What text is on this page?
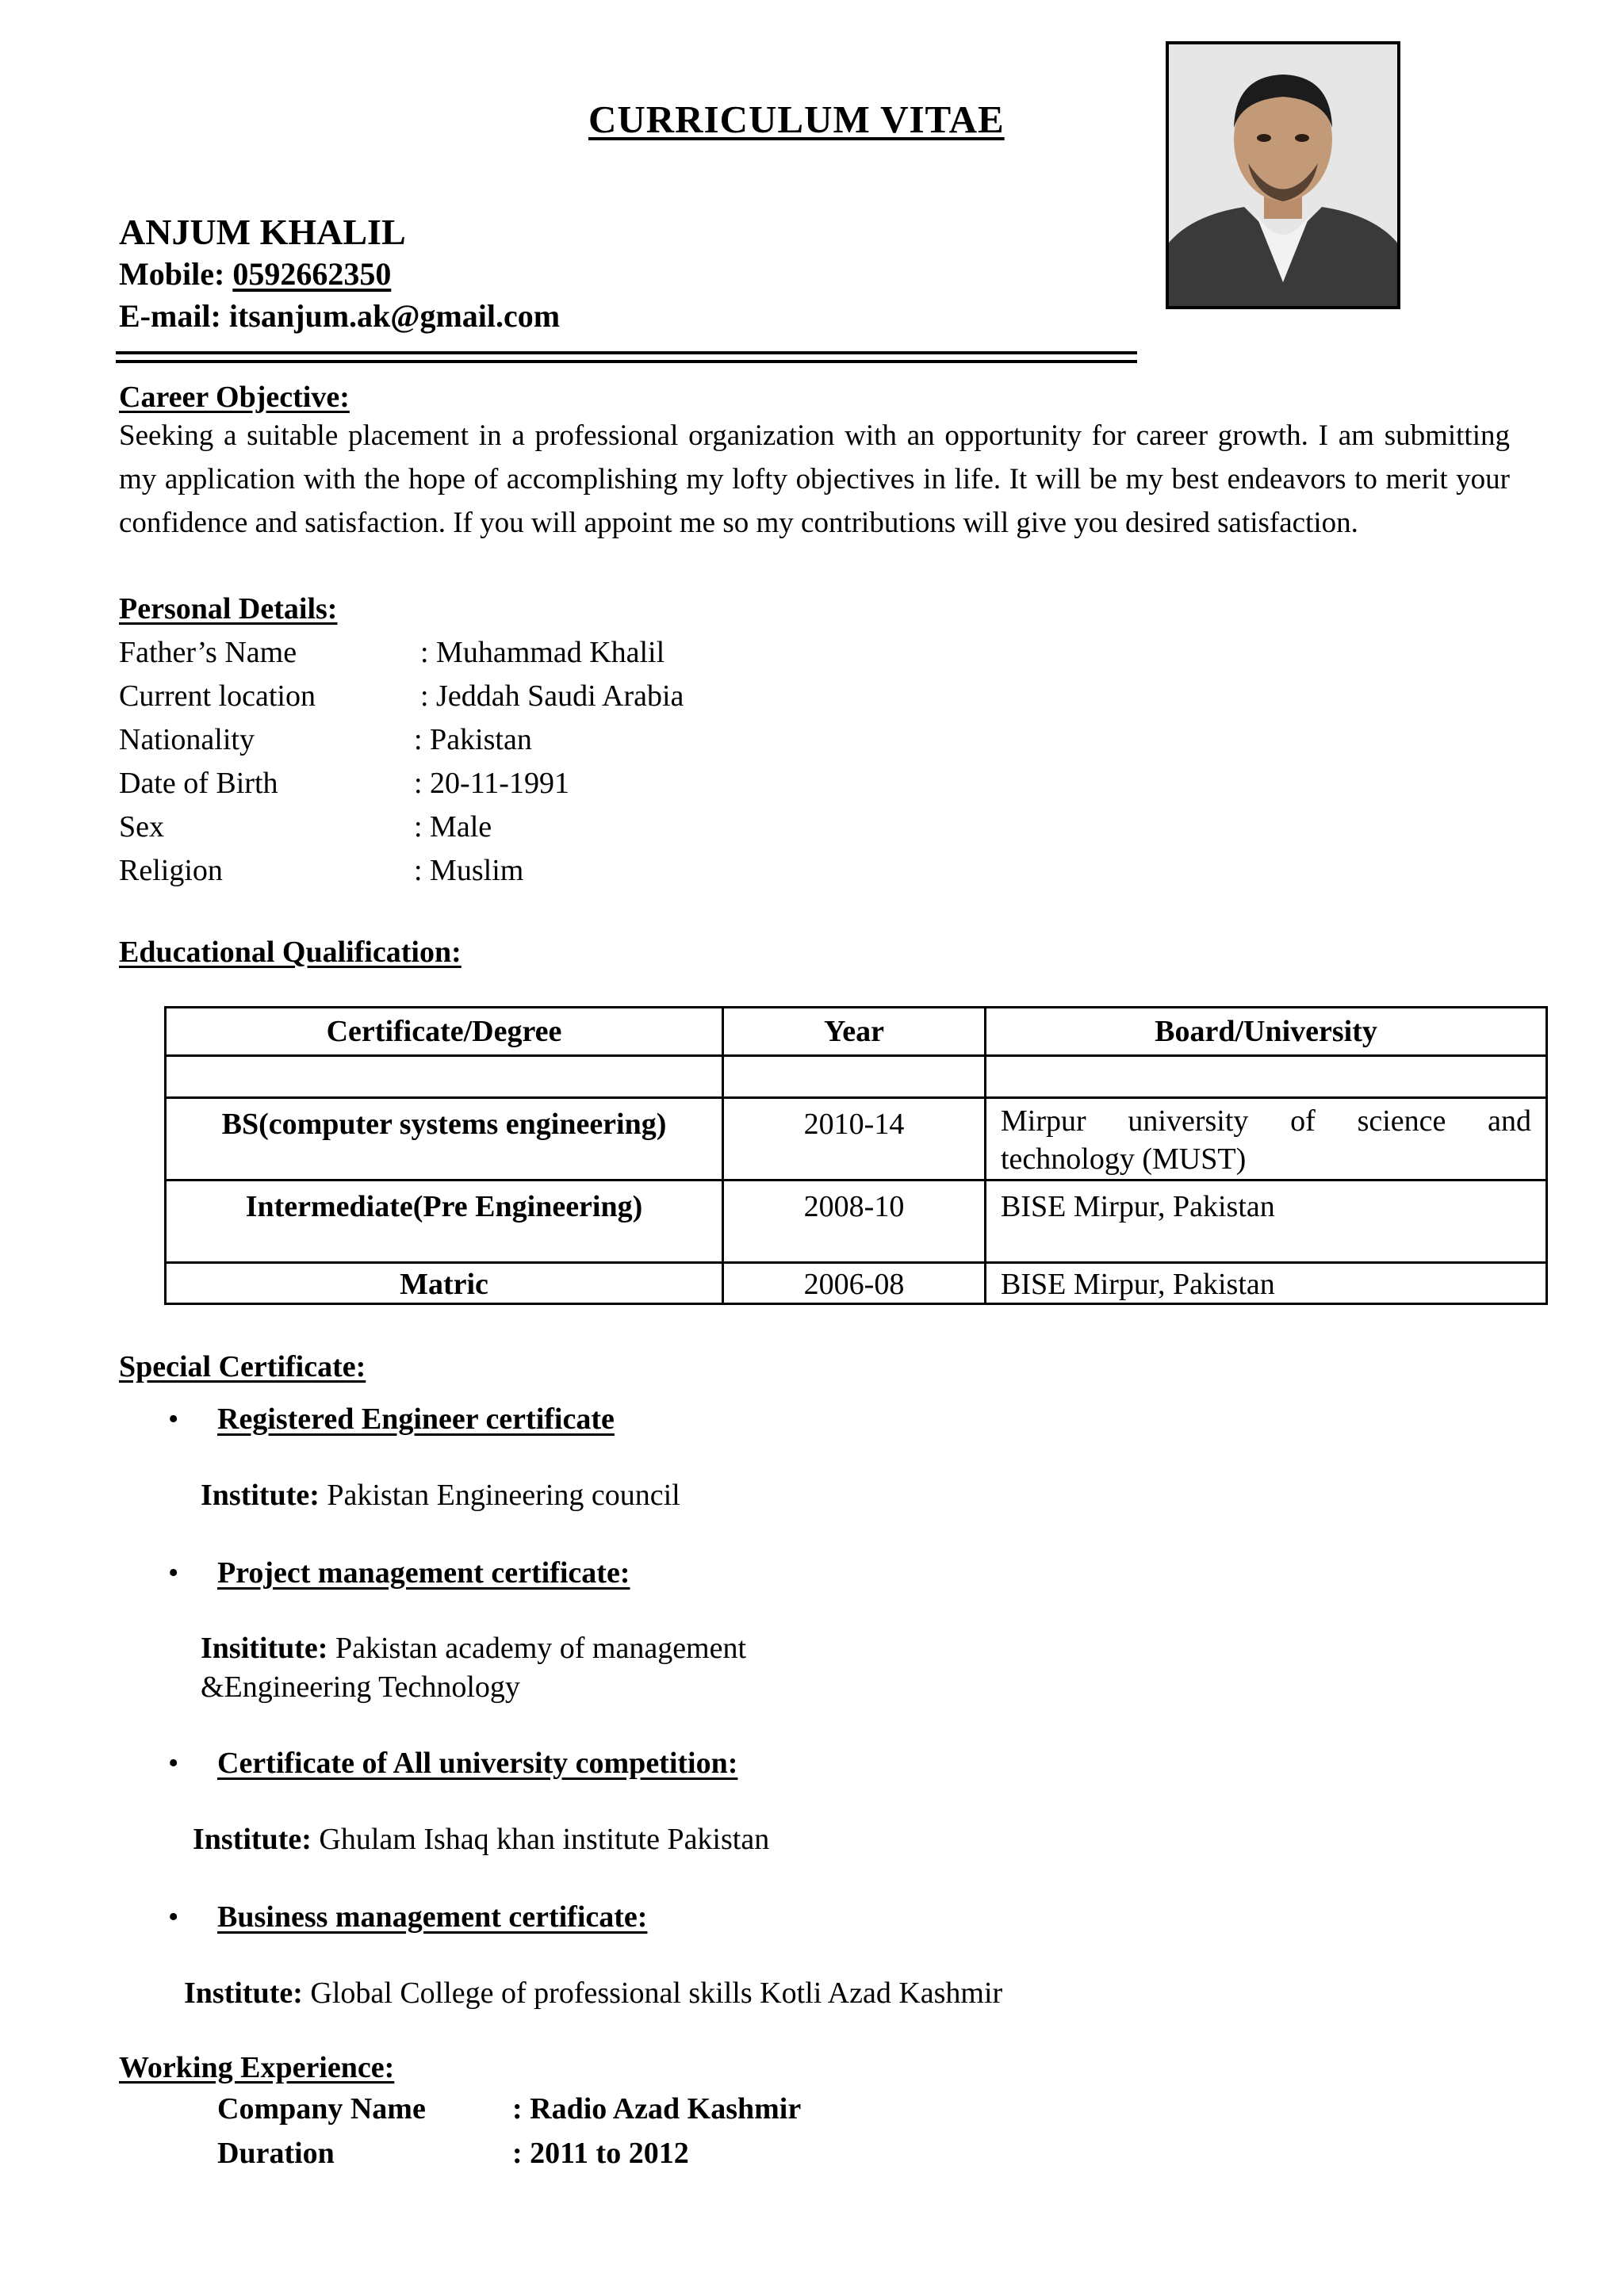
CURRICULUM VITAE
ANJUM KHALIL
Mobile: 0592662350
E-mail: itsanjum.ak@gmail.com
Career Objective:
Seeking a suitable placement in a professional organization with an opportunity for career growth. I am submitting my application with the hope of accomplishing my lofty objectives in life. It will be my best endeavors to merit your confidence and satisfaction. If you will appoint me so my contributions will give you desired satisfaction.
Personal Details:
Father’s Name	: Muhammad Khalil
Current location	: Jeddah Saudi Arabia
Nationality	: Pakistan
Date of Birth	: 20-11-1991
Sex	: Male
Religion	: Muslim
Educational Qualification:
Certificate/Degree	Year	Board/University

BS(computer systems engineering)	2010-14	Mirpur university of science and technology (MUST)
Intermediate(Pre Engineering)	2008-10	BISE Mirpur, Pakistan
Matric	2006-08	BISE Mirpur, Pakistan
Special Certificate:
• Registered Engineer certificate
Institute: Pakistan Engineering council
• Project management certificate:
Insititute: Pakistan academy of management
&Engineering Technology
• Certificate of All university competition:
Institute: Ghulam Ishaq khan institute Pakistan
• Business management certificate:
Institute: Global College of professional skills Kotli Azad Kashmir
Working Experience:
Company Name	: Radio Azad Kashmir
Duration	: 2011 to 2012
